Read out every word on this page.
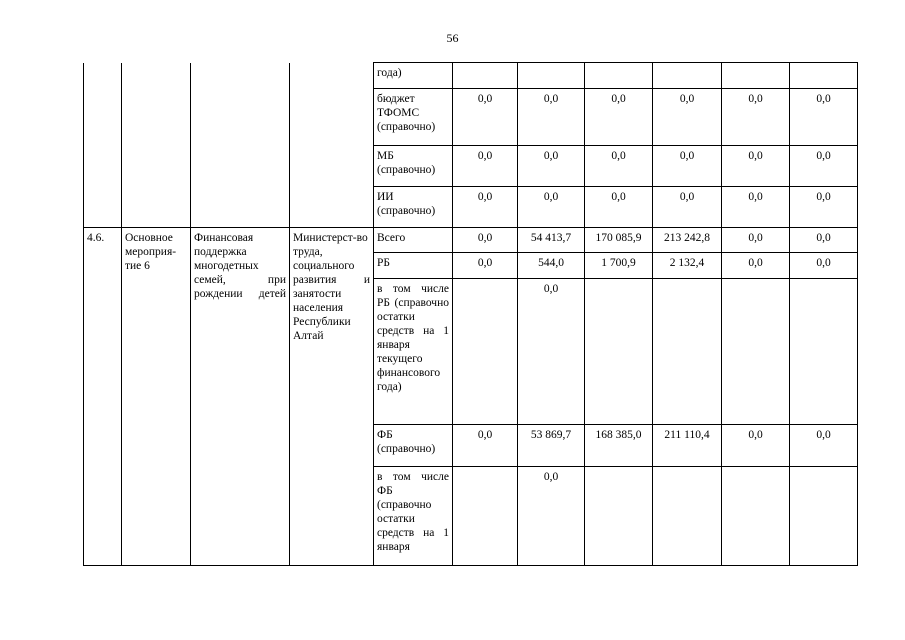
56
				года)						
				бюджет ТФОМС (справочно)	0,0	0,0	0,0	0,0	0,0	0,0
				МБ (справочно)	0,0	0,0	0,0	0,0	0,0	0,0
				ИИ (справочно)	0,0	0,0	0,0	0,0	0,0	0,0
4.6.	Основное мероприя-тие 6	Финансовая поддержка многодетных семей, при рождении детей	Министерст-во труда, социального развития и занятости населения Республики Алтай	Всего	0,0	54 413,7	170 085,9	213 242,8	0,0	0,0
				РБ	0,0	544,0	1 700,9	2 132,4	0,0	0,0
				в том числе РБ (справочно остатки средств на 1 января текущего финансового года)		0,0				
				ФБ (справочно)	0,0	53 869,7	168 385,0	211 110,4	0,0	0,0
				в том числе ФБ (справочно остатки средств на 1 января		0,0				
